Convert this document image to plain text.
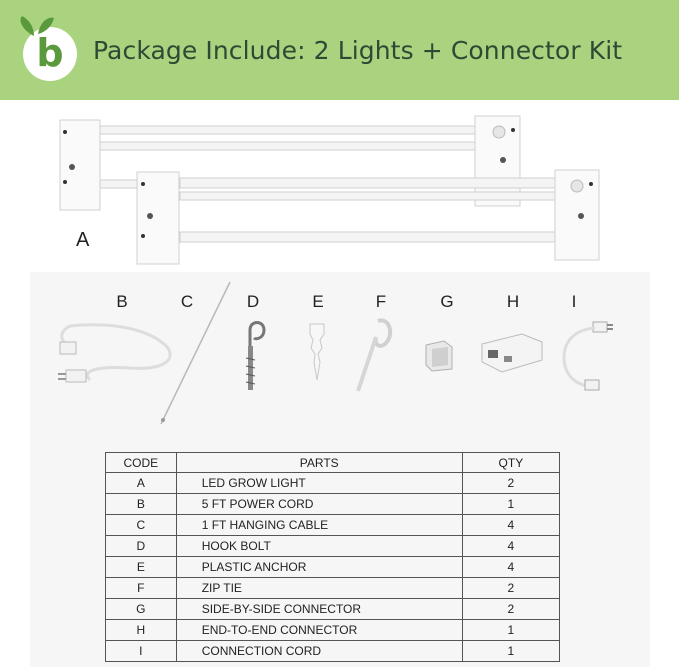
b Package Include: 2 Lights + Connector Kit
A
B	C	D	E	F	G	H	I
CODE	PARTS	QTY
A	LED GROW LIGHT	2
B	5 FT POWER CORD	1
C	1 FT HANGING CABLE	4
D	HOOK BOLT	4
E	PLASTIC ANCHOR	4
F	ZIP TIE	2
G	SIDE-BY-SIDE CONNECTOR	2
H	END-TO-END CONNECTOR	1
I	CONNECTION CORD	1
